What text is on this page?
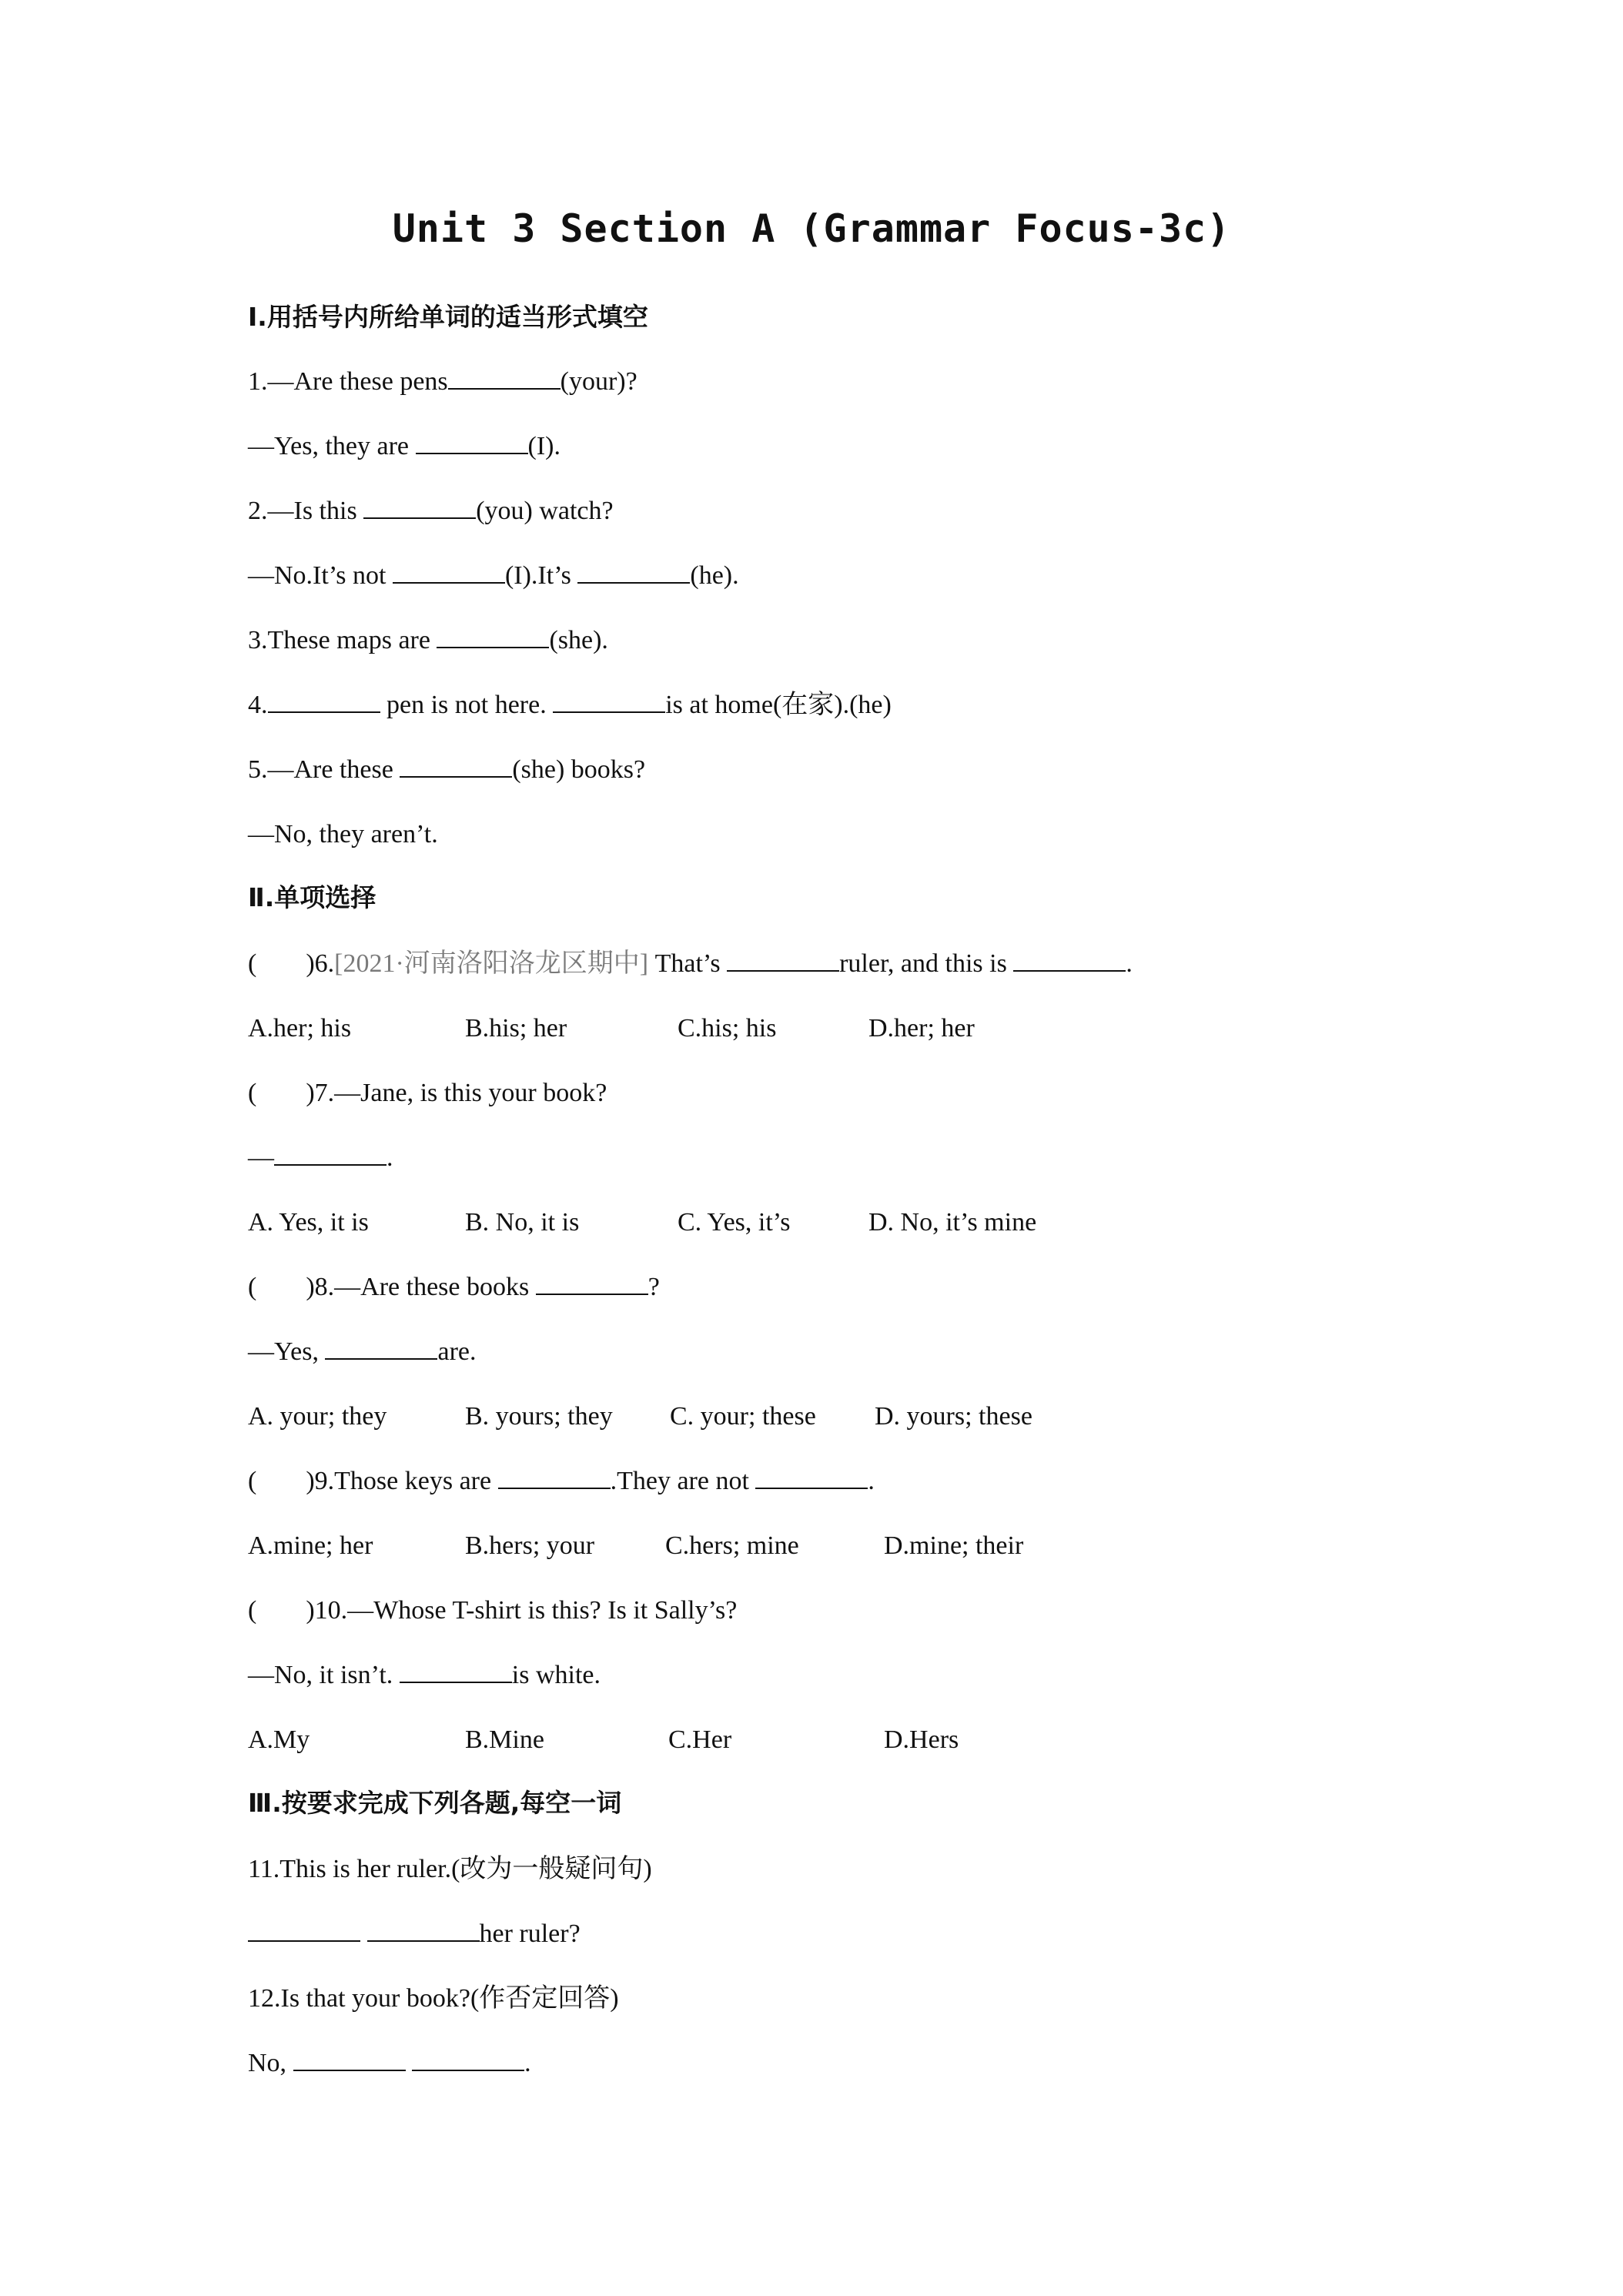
Unit 3 Section A (Grammar Focus-3c)
Ⅰ.用括号内所给单词的适当形式填空
1.—Are these pens	(your)?
—Yes, they are	(I).
2.—Is this	(you) watch?
—No.It’s not	(I).It’s	(he).
3.These maps are	(she).
4.	pen is not here.	is at home(在家).(he)
5.—Are these	(she) books?
—No, they aren’t.
Ⅱ.单项选择
( )6.[2021·河南洛阳洛龙区期中] That’s	ruler, and this is	.
A.her; his	B.his; her	C.his; his	D.her; her
( )7.—Jane, is this your book?
—	.
A. Yes, it is	B. No, it is	C. Yes, it’s	D. No, it’s mine
( )8.—Are these books	?
—Yes,	are.
A. your; they	B. yours; they C. your; these D. yours; these
( )9.Those keys are	.They are not	.
A.mine; her	B.hers; your	C.hers; mine	D.mine; their
( )10.—Whose T-shirt is this? Is it Sally’s?
—No, it isn’t.	is white.
A.My	B.Mine	C.Her	D.Hers
Ⅲ.按要求完成下列各题,每空一词
11.This is her ruler.(改为一般疑问句)
her ruler?
12.Is that your book?(作否定回答)
No,	.
